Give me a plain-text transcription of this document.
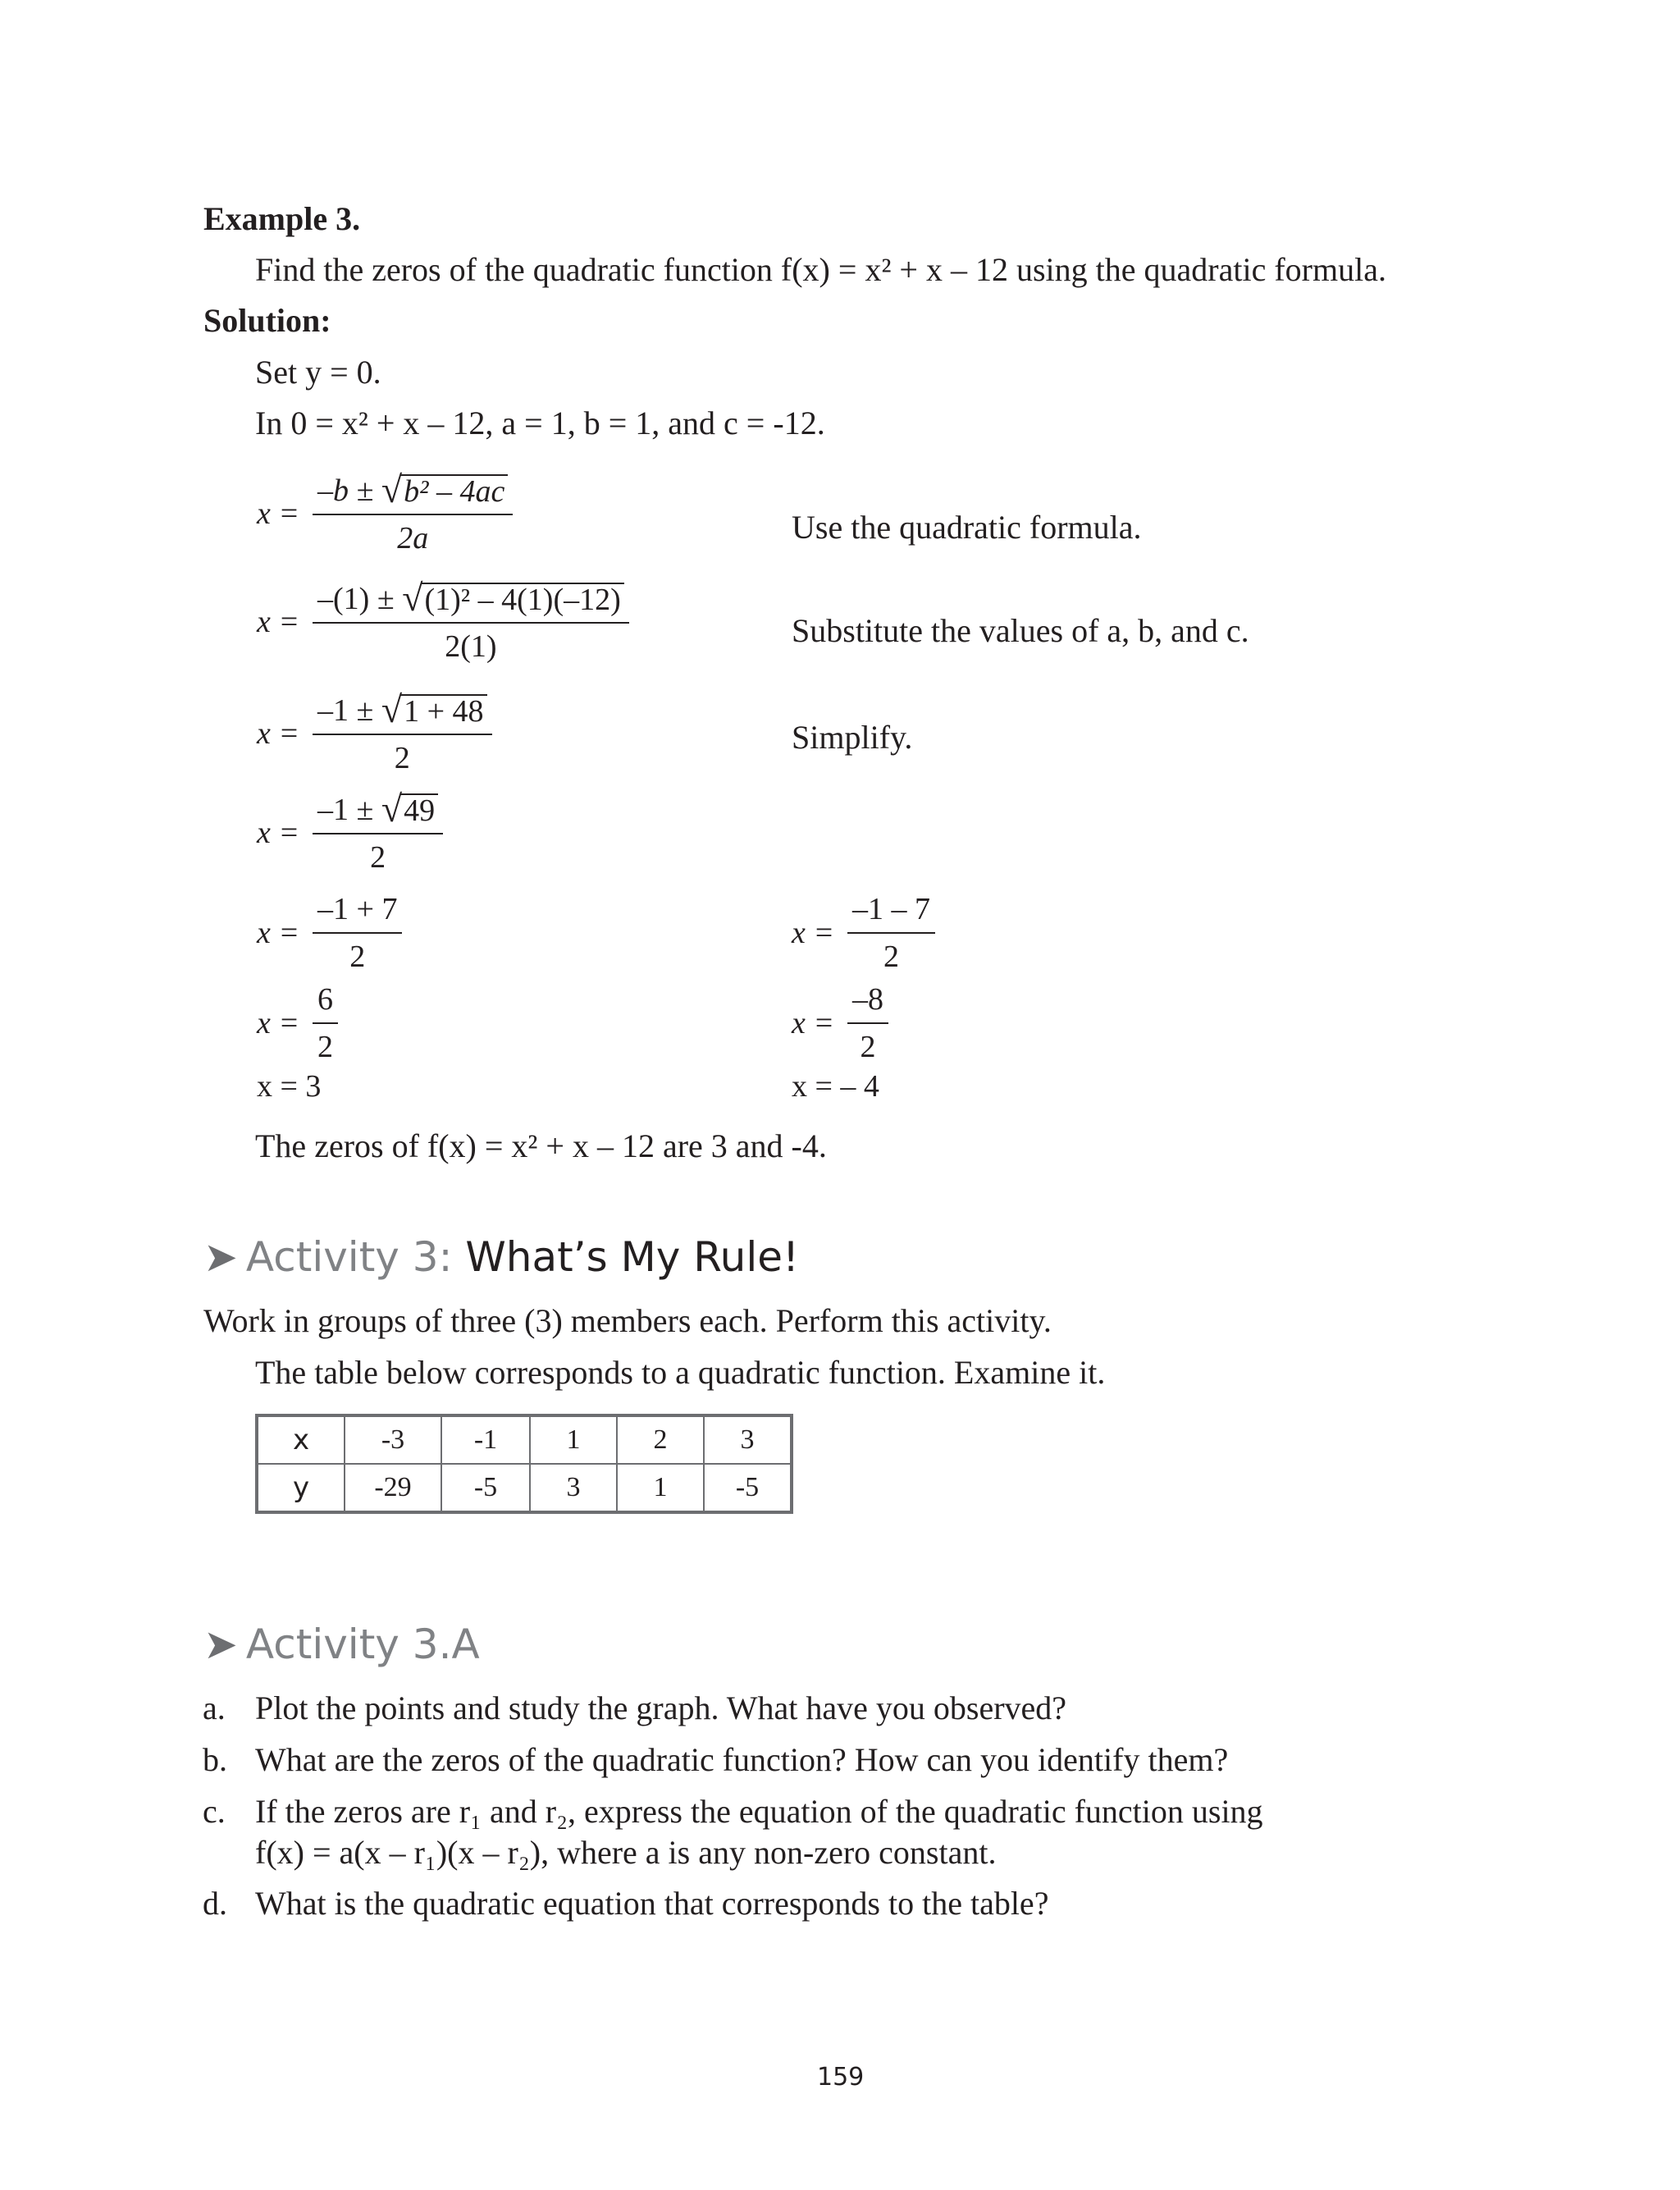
Example 3.
Find the zeros of the quadratic function f(x) = x² + x – 12 using the quadratic formula.
Solution:
Set y = 0.
In 0 = x² + x – 12, a = 1, b = 1, and c = -12.
x = –b ±
√ b² – 4ac
2a	Use the quadratic formula.
x = –(1) ±
√ (1)² – 4(1)(–12)
2(1)	Substitute the values of a, b, and c.
x = –1 ±
√ 1 + 48
2	Simplify.
x = –1 ±
√ 49
2
$x = \frac{-1 + 7}{2}$	$x = \frac{-1 - 7}{2}$
$x = \frac{6}{2}$	$x = \frac{-8}{2}$
x = 3	x = – 4
The zeros of f(x) = x² + x – 12 are 3 and -4.
➤ Activity 3: What’s My Rule!
Work in groups of three (3) members each. Perform this activity.
The table below corresponds to a quadratic function. Examine it.
x	-3	-1	1	2	3
y	-29	-5	3	1	-5
➤ Activity 3.A
a. Plot the points and study the graph. What have you observed?
b. What are the zeros of the quadratic function? How can you identify them?
c. If the zeros are r₁ and r₂, express the equation of the quadratic function using
f(x) = a(x – r₁)(x – r₂), where a is any non-zero constant.
d. What is the quadratic equation that corresponds to the table?
159
